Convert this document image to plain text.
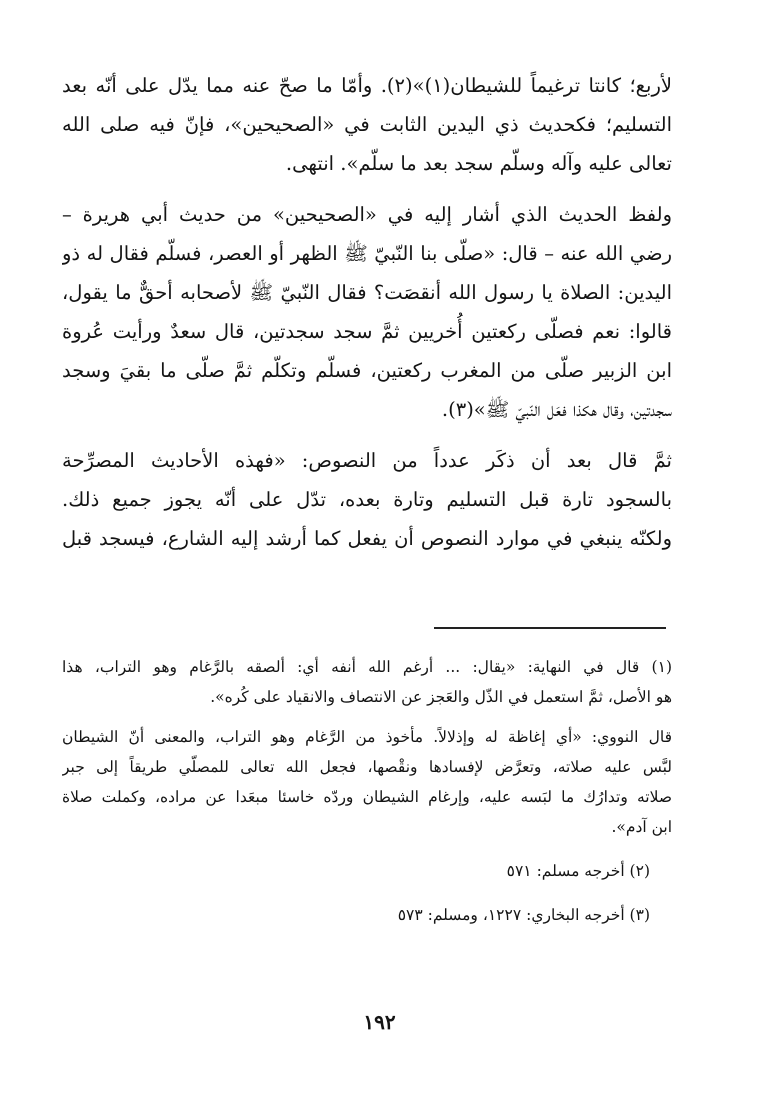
لأربع؛ كانتا ترغيماً للشيطان(١)»(٢). وأمّا ما صحّ عنه مما يدّل على أنّه بعد
التسليم؛ فكحديث ذي اليدين الثابت في «الصحيحين»، فإنّ فيه صلى الله
تعالى عليه وآله وسلّم سجد بعد ما سلّم». انتهى.
ولفظ الحديث الذي أشار إليه في «الصحيحين» من حديث أبي هريرة –
رضي الله عنه – قال: «صلّى بنا النّبيّ ﷺ الظهر أو العصر، فسلّم فقال له ذو
اليدين: الصلاة يا رسول الله أنقصَت؟ فقال النّبيّ ﷺ لأصحابه أحقٌّ ما يقول،
قالوا: نعم فصلّى ركعتين أُخريين ثمَّ سجد سجدتين، قال سعدٌ ورأيت عُروة
ابن الزبير صلّى من المغرب ركعتين، فسلّم وتكلّم ثمَّ صلّى ما بقيَ وسجد
سجدتين، وقال هكذا فعَل النّبيّ ﷺ»(٣).
ثمَّ قال بعد أن ذكَر عدداً من النصوص: «فهذه الأحاديث المصرِّحة
بالسجود تارة قبل التسليم وتارة بعده، تدّل على أنّه يجوز جميع ذلك.
ولكنّه ينبغي في موارد النصوص أن يفعل كما أرشد إليه الشارع، فيسجد قبل
(١) قال في النهاية: «يقال: ... أرغم الله أنفه أي: ألصقه بالرَّغام وهو التراب، هذا
هو الأصل، ثمَّ استعمل في الذّل والعَجز عن الانتصاف والانقياد على كُره».
قال النووي: «أي إغاظة له وإذلالاً. مأخوذ من الرَّغام وهو التراب، والمعنى أنّ الشيطان
لبَّس عليه صلاته، وتعرَّض لإفسادها ونقْصها، فجعل الله تعالى للمصلّي طريقاً إلى جبر
صلاته وتدارُك ما لبَسه عليه، وإرغام الشيطان وردّه خاسئا مبعَدا عن مراده، وكملت صلاة
ابن آدم».
(٢) أخرجه مسلم: ٥٧١
(٣) أخرجه البخاري: ١٢٢٧، ومسلم: ٥٧٣
١٩٢
